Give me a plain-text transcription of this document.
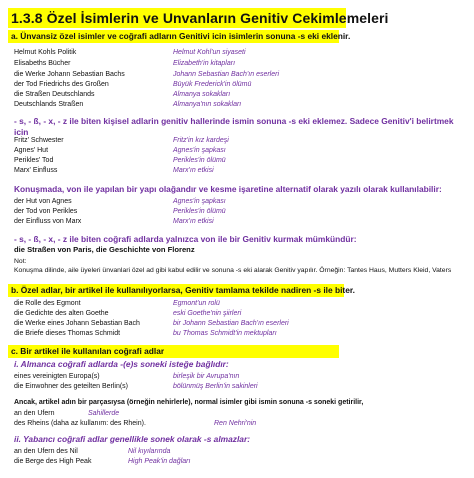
1.3.8 Özel İsimlerin ve Unvanların Genitiv Cekimlemeleri
a. Ünvansiz özel isimler ve coğrafi adların Genitivi icin isimlerin sonuna -s eki eklenir.
Helmut Kohls Politik	Helmut Kohl'un siyaseti
Elisabeths Bücher	Elizabeth'in kitapları
die Werke Johann Sebastian Bachs	Johann Sebastian Bach'ın eserleri
der Tod Friedrichs des Großen	Büyük Frederick'in ölümü
die Straßen Deutschlands	Almanya sokakları
Deutschlands Straßen	Almanya'nın sokakları
- s, - ß, - x, - z ile biten kişisel adlarin genitiv hallerinde ismin sonuna -s eki eklemez. Sadece Genitiv'i belirtmek icin
Fritz' Schwester	Fritz'in kız kardeşi
Agnes' Hut	Agnes'in şapkası
Perikles' Tod	Perikles'in ölümü
Marx' Einfluss	Marx'ın etkisi
Konuşmada, von ile yapılan bir yapı olağandır ve kesme işaretine alternatif olarak yazılı olarak kullanılabilir:
der Hut von Agnes	Agnes'in şapkası
der Tod von Perikles	Perikles'in ölümü
der Einfluss von Marx	Marx'ın etkisi
- s, - ß, - x, - z ile biten coğrafi adlarda yalnızca von ile bir Genitiv kurmak mümkündür:
die Straßen von Paris, die Geschichte von Florenz
Not:
Konuşma dilinde, aile üyeleri ünvanlari özel ad gibi kabul edilir ve sonuna -s eki alarak Genitiv yapılır. Örneğin: Tantes Haus, Mutters Kleid, Vaters
b. Özel adlar, bir artikel ile kullanılıyorlarsa, Genitiv tamlama tekilde nadiren -s ile biter.
die Rolle des Egmont	Egmont'un rolü
die Gedichte des alten Goethe	eski Goethe'nin şiirleri
die Werke eines Johann Sebastian Bach	bir Johann Sebastian Bach'ın eserleri
die Briefe dieses Thomas Schmidt	bu Thomas Schmidt'in mektupları
c. Bir artikel ile kullanılan coğrafi adlar
i. Almanca coğrafi adlarda -(e)s soneki isteğe bağlıdır:
eines vereinigten Europa(s)	birleşik bir Avrupa'nın
die Einwohner des geteilten Berlin(s)	bölünmüş Berlin'in sakinleri
Ancak, artikel adın bir parçasıysa (örneğin nehirlerle), normal isimler gibi ismin sonuna -s soneki getirilir,
an den Ufern	Sahillerde
des Rheins (daha az kullanım: des Rhein).	Ren Nehri'nin
ii. Yabancı coğrafi adlar genellikle sonek olarak -s almazlar:
an den Ufern des Nil	Nil kıyılarında
die Berge des High Peak	High Peak'in dağları
